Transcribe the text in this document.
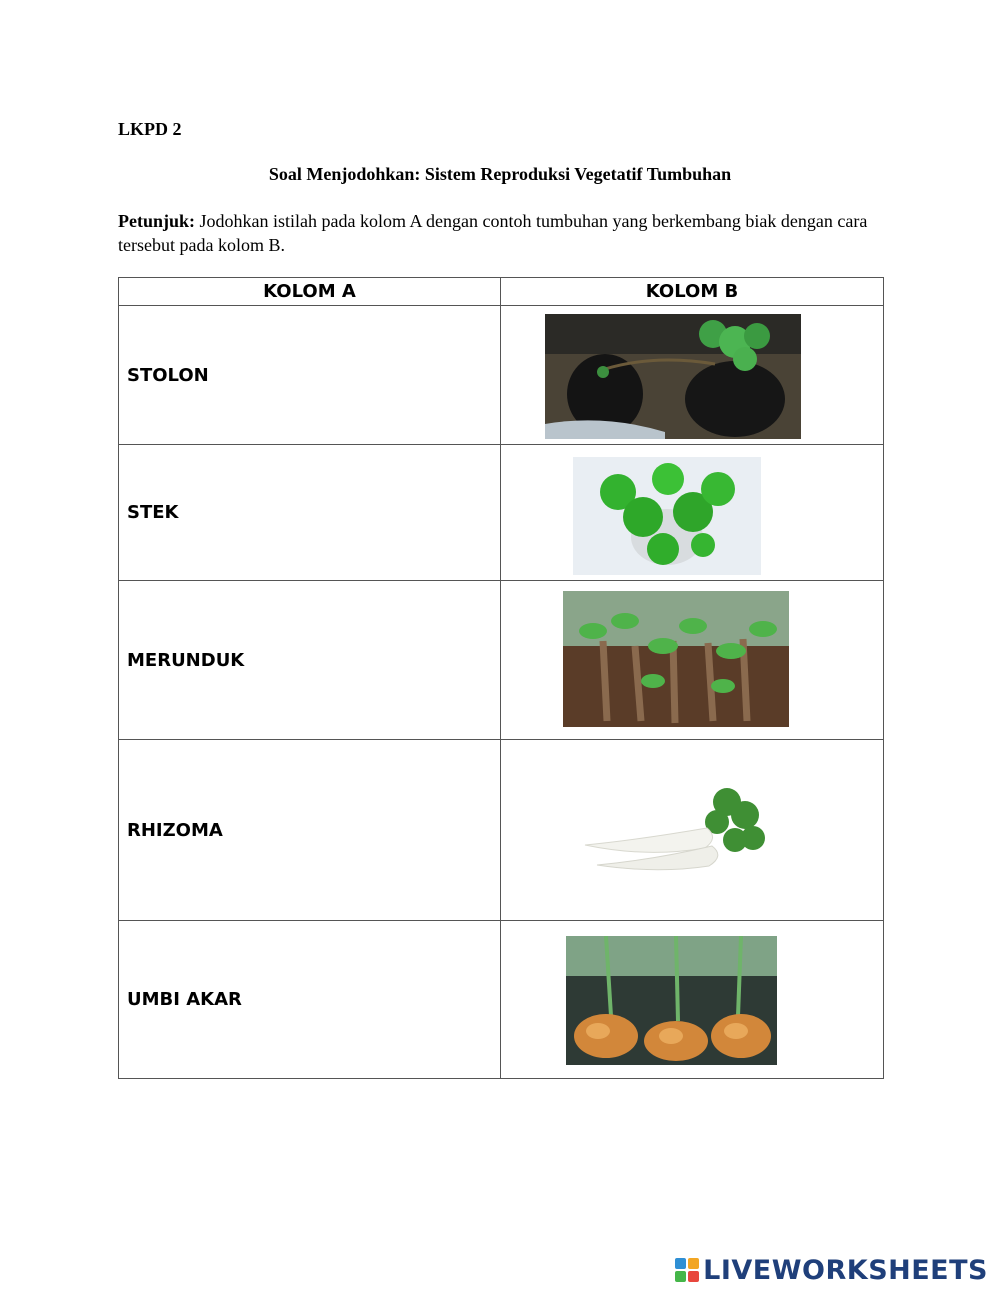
LKPD 2
Soal Menjodohkan: Sistem Reproduksi Vegetatif Tumbuhan
Petunjuk: Jodohkan istilah pada kolom A dengan contoh tumbuhan yang berkembang biak dengan cara tersebut pada kolom B.
KOLOM A	KOLOM B
STOLON	

STEK	

MERUNDUK	

RHIZOMA	

UMBI AKAR	
LIVEWORKSHEETS
